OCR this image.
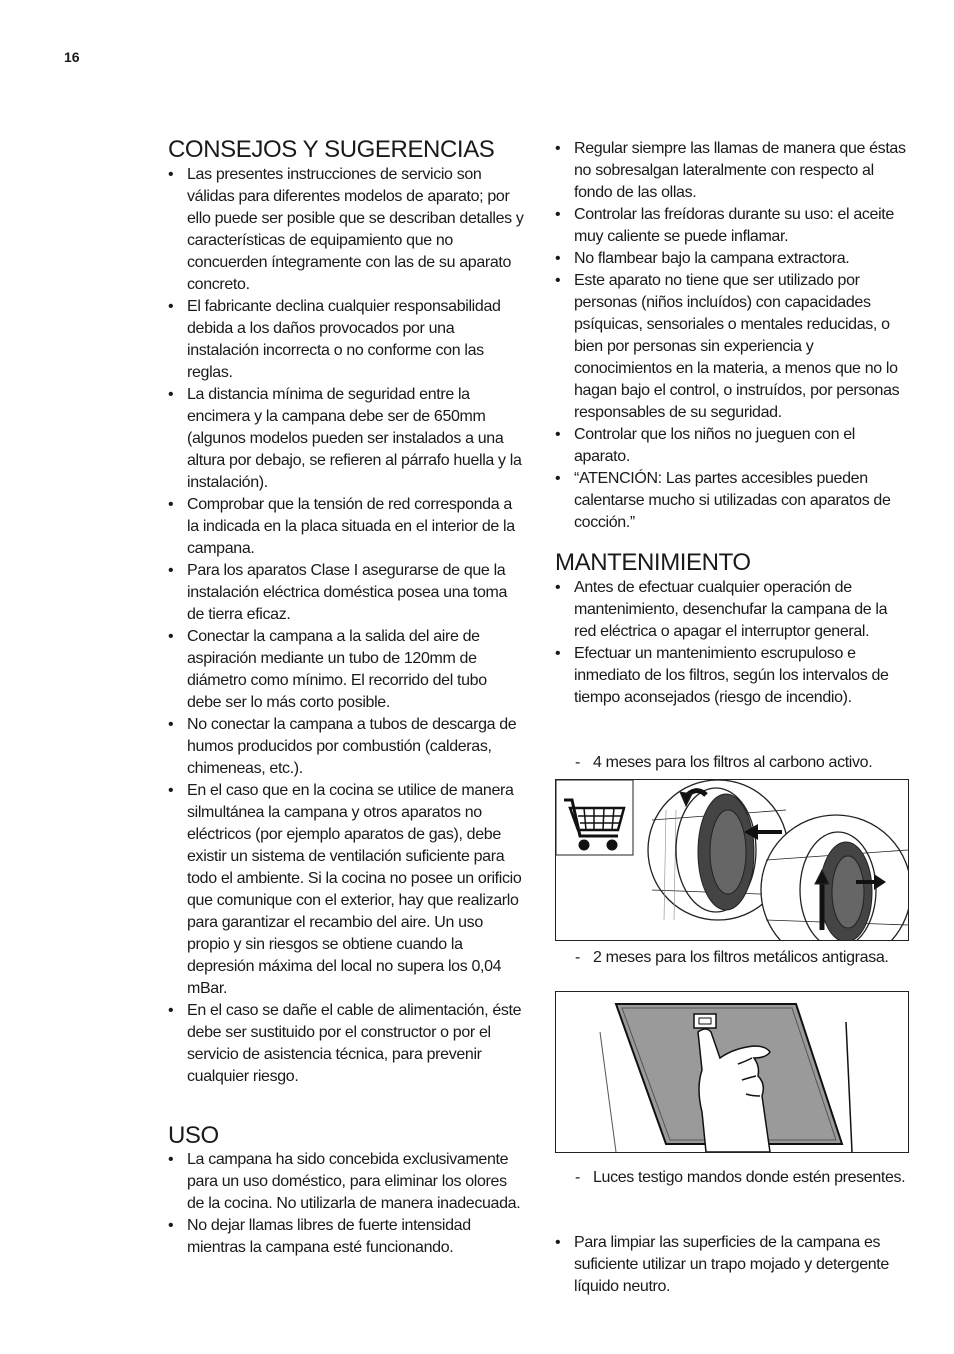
16
CONSEJOS Y SUGERENCIAS
• Las presentes instrucciones de servicio son válidas para diferentes modelos de aparato; por ello puede ser posible que se describan detalles y características de equipamiento que no concuerden íntegramente con las de su aparato concreto.
• El fabricante declina cualquier responsabilidad debida a los daños provocados por una instalación incorrecta o no conforme con las reglas.
• La distancia mínima de seguridad entre la encimera y la campana debe ser de 650mm (algunos modelos pueden ser instalados a una altura por debajo, se refieren al párrafo huella y la instalación).
• Comprobar que la tensión de red corresponda a la indicada en la placa situada en el interior de la campana.
• Para los aparatos Clase I asegurarse de que la instalación eléctrica doméstica posea una toma de tierra eficaz.
• Conectar la campana a la salida del aire de aspiración mediante un tubo de 120mm de diámetro como mínimo. El recorrido del tubo debe ser lo más corto posible.
• No conectar la campana a tubos de descarga de humos producidos por combustión (calderas, chimeneas, etc.).
• En el caso que en la cocina se utilice de manera silmultánea la campana y otros aparatos no eléctricos (por ejemplo aparatos de gas), debe existir un sistema de ventilación suficiente para todo el ambiente. Si la cocina no posee un orificio que comunique con el exterior, hay que realizarlo para garantizar el recambio del aire. Un uso propio y sin riesgos se obtiene cuando la depresión máxima del local no supera los 0,04 mBar.
• En el caso se dañe el cable de alimentación, éste debe ser sustituido por el constructor o por el servicio de asistencia técnica, para prevenir cualquier riesgo.
USO
• La campana ha sido concebida exclusivamente para un uso doméstico, para eliminar los olores de la cocina. No utilizarla de manera inadecuada.
• No dejar llamas libres de fuerte intensidad mientras la campana esté funcionando.
• Regular siempre las llamas de manera que éstas no sobresalgan lateralmente con respecto al fondo de las ollas.
• Controlar las freídoras durante su uso: el aceite muy caliente se puede inflamar.
• No flambear bajo la campana extractora.
• Este aparato no tiene que ser utilizado por personas (niños incluídos) con capacidades psíquicas, sensoriales o mentales reducidas, o bien por personas sin experiencia y conocimientos en la materia, a menos que no lo hagan bajo el control, o instruídos, por personas responsables de su seguridad.
• Controlar que los niños no jueguen con el aparato.
• “ATENCIÓN: Las partes accesibles pueden calentarse mucho si utilizadas con aparatos de cocción.”
MANTENIMIENTO
• Antes de efectuar cualquier operación de mantenimiento, desenchufar la campana de la red eléctrica o apagar el interruptor general.
• Efectuar un mantenimiento escrupuloso e inmediato de los filtros, según los intervalos de tiempo aconsejados (riesgo de incendio).

- 4 meses para los filtros al carbono activo.

- 2 meses para los filtros metálicos antigrasa.

- Luces testigo mandos donde estén presentes.

• Para limpiar las superficies de la campana es suficiente utilizar un trapo mojado y detergente líquido neutro.
